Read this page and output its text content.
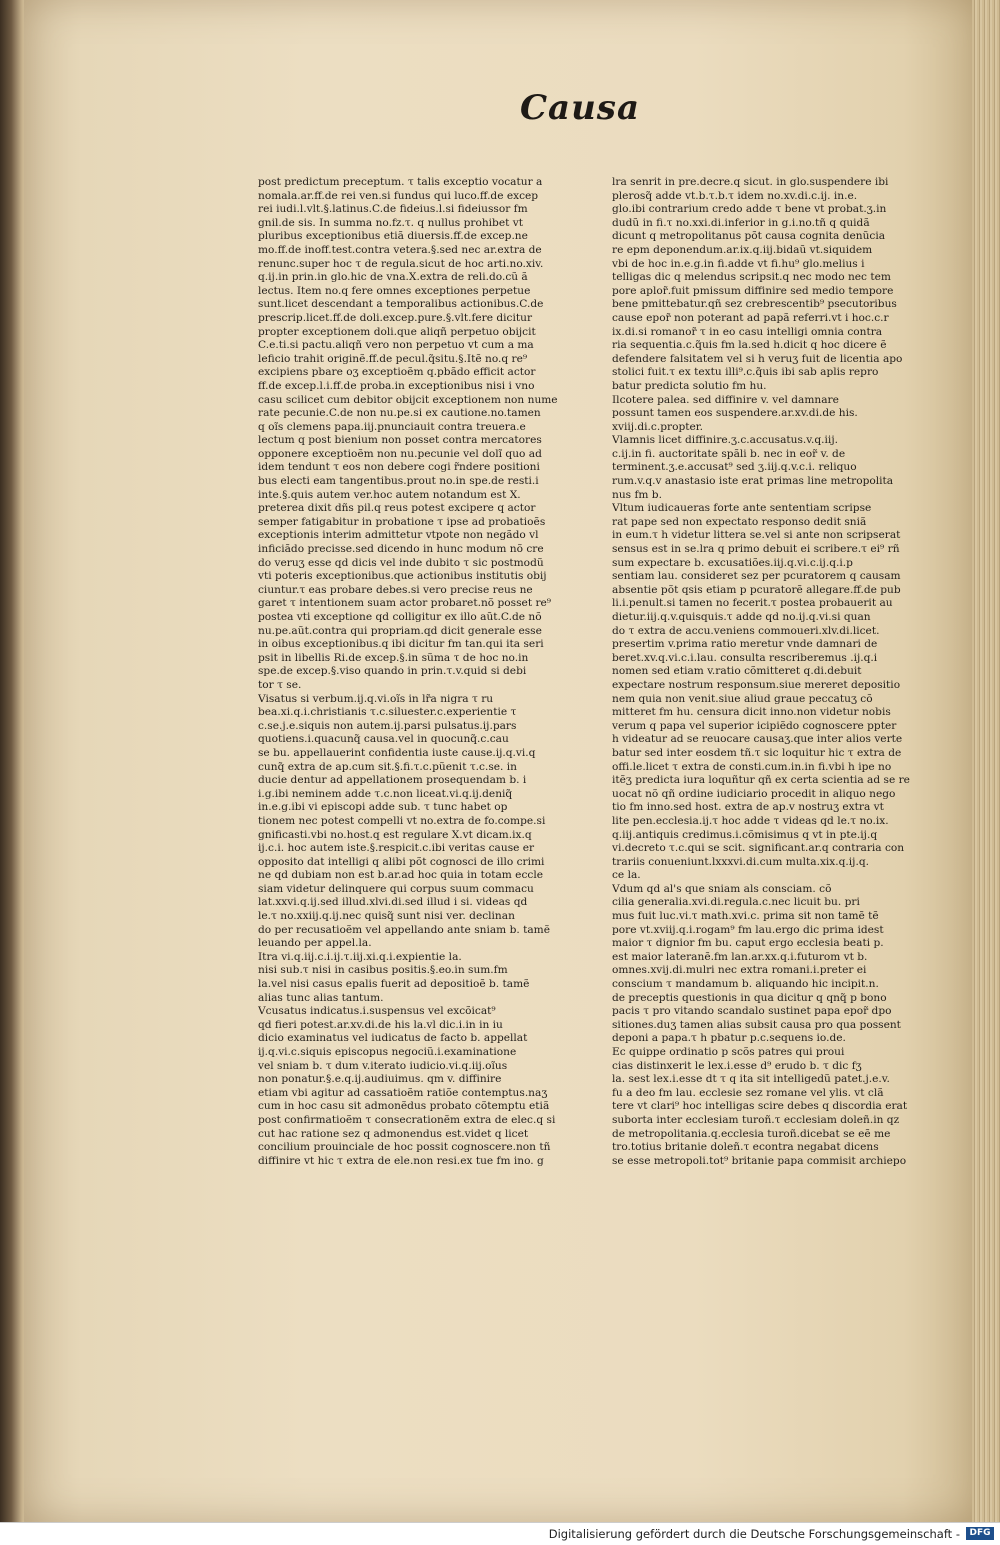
Causa
post predictum preceptum. τ talis exceptio vocatur a
nomala.ar.ff.de rei ven.si fundus qui luco.ff.de excep
rei iudi.l.vlt.§.latinus.C.de fideius.l.si fideiussor fm
gnil.de sis. In summa no.fz.τ. q nullus prohibet vt
pluribus exceptionibus etiã diuersis.ff.de excep.ne
mo.ff.de inoff.test.contra vetera.§.sed nec ar.extra de
renunc.super hoc τ de regula.sicut de hoc arti.no.xiv.
q.ij.in prin.in glo.hic de vna.X.extra de reli.do.cũ ã
lectus. Item no.q fere omnes exceptiones perpetue
sunt.licet descendant a temporalibus actionibus.C.de
prescrip.licet.ff.de doli.excep.pure.§.vlt.fere dicitur
propter exceptionem doli.que aliqñ perpetuo obijcit
C.e.ti.si pactu.aliqñ vero non perpetuo vt cum a ma
leficio trahit originẽ.ff.de pecul.q̃situ.§.Itẽ no.q re⁹
excipiens pbare oʒ exceptioẽm q.pbãdo efficit actor
ff.de excep.l.i.ff.de proba.in exceptionibus nisi i vno
casu scilicet cum debitor obijcit exceptionem non nume
rate pecunie.C.de non nu.pe.si ex cautione.no.tamen
q oĩs clemens papa.iij.pnunciauit contra treuera.e
lectum q post bienium non posset contra mercatores
opponere exceptioẽm non nu.pecunie vel dolĩ quo ad
idem tendunt τ eos non debere cogi r̃ndere positioni
bus electi eam tangentibus.prout no.in spe.de resti.i
inte.§.quis autem ver.hoc autem notandum est X.
preterea dixit dñs pil.q reus potest excipere q actor
semper fatigabitur in probatione τ ipse ad probatioẽs
exceptionis interim admittetur vtpote non negãdo vl
inficiãdo precisse.sed dicendo in hunc modum nõ cre
do veruʒ esse qd dicis vel inde dubito τ sic postmodũ
vti poteris exceptionibus.que actionibus institutis obij
ciuntur.τ eas probare debes.si vero precise reus ne
garet τ intentionem suam actor probaret.nõ posset re⁹
postea vti exceptione qd colligitur ex illo aũt.C.de nõ
nu.pe.aũt.contra qui propriam.qd dicit generale esse
in oibus exceptionibus.q ibi dicitur fm tan.qui ita seri
psit in libellis Ri.de excep.§.in sũma τ de hoc no.in
spe.de excep.§.viso quando in prin.τ.v.quid si debi
tor τ se.
Visatus si verbum.ij.q.vi.oĩs in lr̃a nigra τ ru
bea.xi.q.i.christianis τ.c.siluester.c.experientie τ
c.se.j.e.siquis non autem.ij.parsi pulsatus.ij.pars
quotiens.i.quacunq̃ causa.vel in quocunq̃.c.cau
se bu. appellauerint confidentia iuste cause.ij.q.vi.q
cunq̃ extra de ap.cum sit.§.fi.τ.c.pũenit τ.c.se. in
ducie dentur ad appellationem prosequendam b. i
i.g.ibi neminem adde τ.c.non liceat.vi.q.ij.deniq̃
in.e.g.ibi vi episcopi adde sub. τ tunc habet op
tionem nec potest compelli vt no.extra de fo.compe.si
gnificasti.vbi no.host.q est regulare X.vt dicam.ix.q
ij.c.i. hoc autem iste.§.respicit.c.ibi veritas cause er
opposito dat intelligi q alibi põt cognosci de illo crimi
ne qd dubiam non est b.ar.ad hoc quia in totam eccle
siam videtur delinquere qui corpus suum commacu
lat.xxvi.q.ij.sed illud.xlvi.di.sed illud i si. videas qd
le.τ no.xxiij.q.ij.nec quisq̃ sunt nisi ver. declinan
do per recusatioẽm vel appellando ante sniam b. tamẽ
leuando per appel.la.
Itra vi.q.iij.c.i.ij.τ.iij.xi.q.i.expientie la.
nisi sub.τ nisi in casibus positis.§.eo.in sum.fm
la.vel nisi casus epalis fuerit ad depositioẽ b. tamẽ
alias tunc alias tantum.
Vcusatus indicatus.i.suspensus vel excõicat⁹
qd fieri potest.ar.xv.di.de his la.vl̃ dic.i.in in iu
dicio examinatus vel iudicatus de facto b. appellat
ij.q.vi.c.siquis episcopus negociũ.i.examinatione
vel sniam b. τ dum v.iterato iudicio.vi.q.iij.oĩus
non ponatur.§.e.q.ij.audiuimus. qm v. diffinire
etiam vbi agitur ad cassatioẽm ratiõe contemptus.naʒ
cum in hoc casu sit admonẽdus probato cõtemptu etiã
post confirmatioẽm τ consecrationẽm extra de elec.q si
cut hac ratione sez q admonendus est.videt q licet
concilium prouinciale de hoc possit cognoscere.non tñ
diffinire vt hic τ extra de ele.non resi.ex tue fm ino. g
lra senrit in pre.decre.q sicut. in glo.suspendere ibi
plerosq̃ adde vt.b.τ.b.τ idem no.xv.di.c.ij. in.e.
glo.ibi contrarium credo adde τ bene vt probat.ʒ.in
dudũ in fi.τ no.xxi.di.inferior in g.i.no.tñ q quidã
dicunt q metropolitanus põt causa cognita denũcia
re epm deponendum.ar.ix.q.iij.bidaũ vt.siquidem
vbi de hoc in.e.g.in fi.adde vt fi.hu⁹ glo.melius i
telligas dic q melendus scripsit.q nec modo nec tem
pore aplor̃.fuit pmissum diffinire sed medio tempore
bene pmittebatur.qñ sez crebrescentib⁹ psecutoribus
cause epor̃ non poterant ad papã referri.vt i hoc.c.r
ix.di.si romanor̃ τ in eo casu intelligi omnia contra
ria sequentia.c.q̃uis fm la.sed h.dicit q hoc dicere ẽ
defendere falsitatem vel si h veruʒ fuit de licentia apo
stolici fuit.τ ex textu illi⁹.c.q̃uis ibi sab aplis repro
batur predicta solutio fm hu.
Ilcotere palea. sed diffinire v. vel damnare
possunt tamen eos suspendere.ar.xv.di.de his.
xviij.di.c.propter.
Vlamnis licet diffinire.ʒ.c.accusatus.v.q.iij.
c.ij.in fi. auctoritate spãli b. nec in eor̃ v. de
terminent.ʒ.e.accusat⁹ sed ʒ.iij.q.v.c.i. reliquo
rum.v.q.v anastasio iste erat primas line metropolita
nus fm b.
Vltum iudicaueras forte ante sententiam scripse
rat pape sed non expectato responso dedit sniã
in eum.τ h videtur littera se.vel si ante non scripserat
sensus est in se.lra q primo debuit ei scribere.τ ei⁹ rñ
sum expectare b. excusatiões.iij.q.vi.c.ij.q.i.p
sentiam lau. consideret sez per pcuratorem q causam
absentie põt qsis etiam p pcuratorẽ allegare.ff.de pub
li.i.penult.si tamen no fecerit.τ postea probauerit au
dietur.iij.q.v.quisquis.τ adde qd no.ij.q.vi.si quan
do τ extra de accu.veniens commoueri.xlv.di.licet.
presertim v.prima ratio meretur vnde damnari de
beret.xv.q.vi.c.i.lau. consulta rescriberemus .ij.q.i
nomen sed etiam v.ratio cõmitteret q.di.debuit
expectare nostrum responsum.siue mereret depositio
nem quia non venit.siue aliud graue peccatuʒ cõ
mitteret fm hu. censura dicit inno.non videtur nobis
verum q papa vel superior icipiẽdo cognoscere ppter
h videatur ad se reuocare causaʒ.que inter alios verte
batur sed inter eosdem tñ.τ sic loquitur hic τ extra de
offi.le.licet τ extra de consti.cum.in.in fi.vbi h ipe no
itẽʒ predicta iura loquñtur qñ ex certa scientia ad se re
uocat nõ qñ ordine iudiciario procedit in aliquo nego
tio fm inno.sed host. extra de ap.v nostruʒ extra vt
lite pen.ecclesia.ij.τ hoc adde τ videas qd le.τ no.ix.
q.iij.antiquis credimus.i.cõmisimus q vt in pte.ij.q
vi.decreto τ.c.qui se scit. significant.ar.q contraria con
trariis conueniunt.lxxxvi.di.cum multa.xix.q.ij.q.
ce la.
Vdum qd al's que sniam als consciam. cõ
cilia generalia.xvi.di.regula.c.nec licuit bu. pri
mus fuit luc.vi.τ math.xvi.c. prima sit non tamẽ tẽ
pore vt.xviij.q.i.rogam⁹ fm lau.ergo dic prima idest
maior τ dignior fm bu. caput ergo ecclesia beati p.
est maior lateranẽ.fm lan.ar.xx.q.i.futurom vt b.
omnes.xvij.di.mulri nec extra romani.i.preter ei
conscium τ mandamum b. aliquando hic incipit.n.
de preceptis questionis in qua dicitur q qnq̃ p bono
pacis τ pro vitando scandalo sustinet papa epor̃ dpo
sitiones.duʒ tamen alias subsit causa pro qua possent
deponi a papa.τ h pbatur p.c.sequens io.de.
Ec quippe ordinatio p scõs patres qui proui
cias distinxerit le lex.i.esse d⁹ erudo b. τ dic fʒ
la. sest lex.i.esse dt τ q ita sit intelligedũ patet.j.e.v.
fu a deo fm lau. ecclesie sez romane vel ylis. vt clã
tere vt clari⁹ hoc intelligas scire debes q discordia erat
suborta inter ecclesiam turoñ.τ ecclesiam doleñ.in qz
de metropolitania.q.ecclesia turoñ.dicebat se eẽ me
tro.totius britanie doleñ.τ econtra negabat dicens
se esse metropoli.tot⁹ britanie papa commisit archiepo
Digitalisierung gefördert durch die Deutsche Forschungsgemeinschaft -	DFG
